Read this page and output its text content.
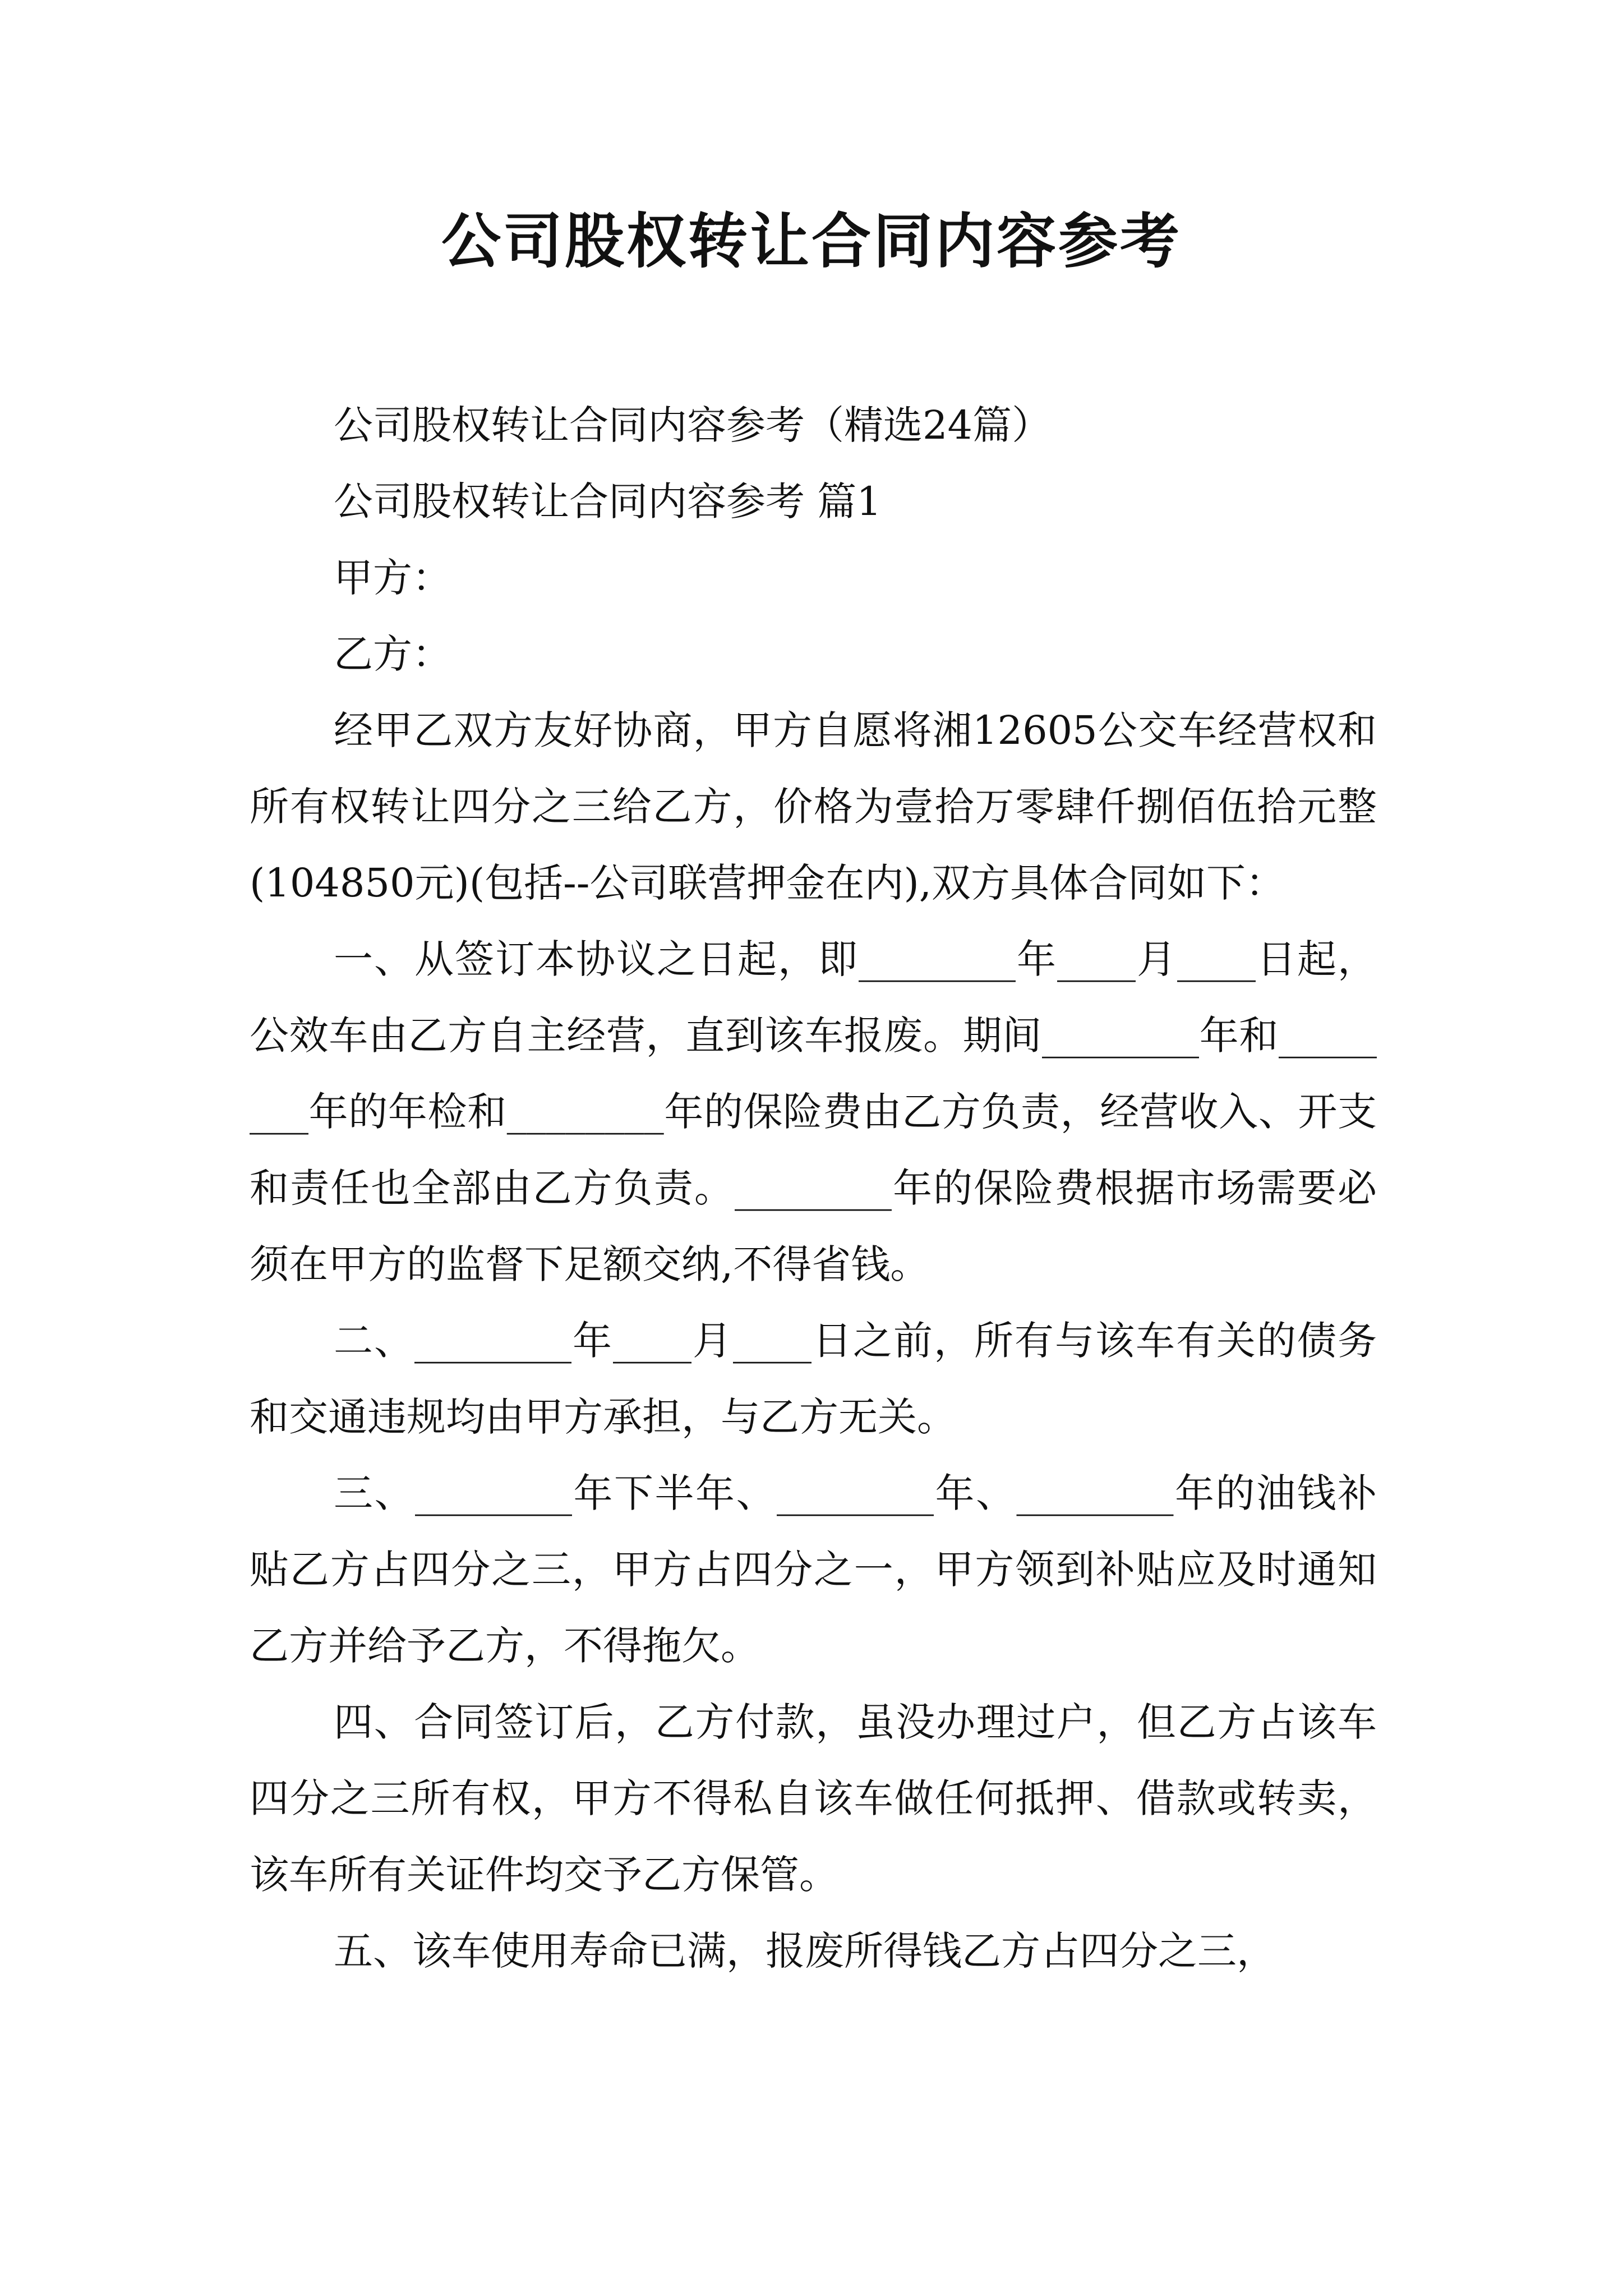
公司股权转让合同内容参考

公司股权转让合同内容参考（精选24篇）

公司股权转让合同内容参考 篇1

甲方：

乙方：

经甲乙双方友好协商，甲方自愿将湘12605公交车经营权和所有权转让四分之三给乙方，价格为壹拾万零肆仟捌佰伍拾元整(104850元)(包括--公司联营押金在内),双方具体合同如下：

一、从签订本协议之日起，即________年____月____日起，公效车由乙方自主经营，直到该车报废。期间________年和________年的年检和________年的保险费由乙方负责，经营收入、开支和责任也全部由乙方负责。________年的保险费根据市场需要必须在甲方的监督下足额交纳,不得省钱。

二、________年____月____日之前，所有与该车有关的债务和交通违规均由甲方承担，与乙方无关。

三、________年下半年、________年、________年的油钱补贴乙方占四分之三，甲方占四分之一，甲方领到补贴应及时通知乙方并给予乙方，不得拖欠。

四、合同签订后，乙方付款，虽没办理过户，但乙方占该车四分之三所有权，甲方不得私自该车做任何抵押、借款或转卖，该车所有关证件均交予乙方保管。

五、该车使用寿命已满，报废所得钱乙方占四分之三，
